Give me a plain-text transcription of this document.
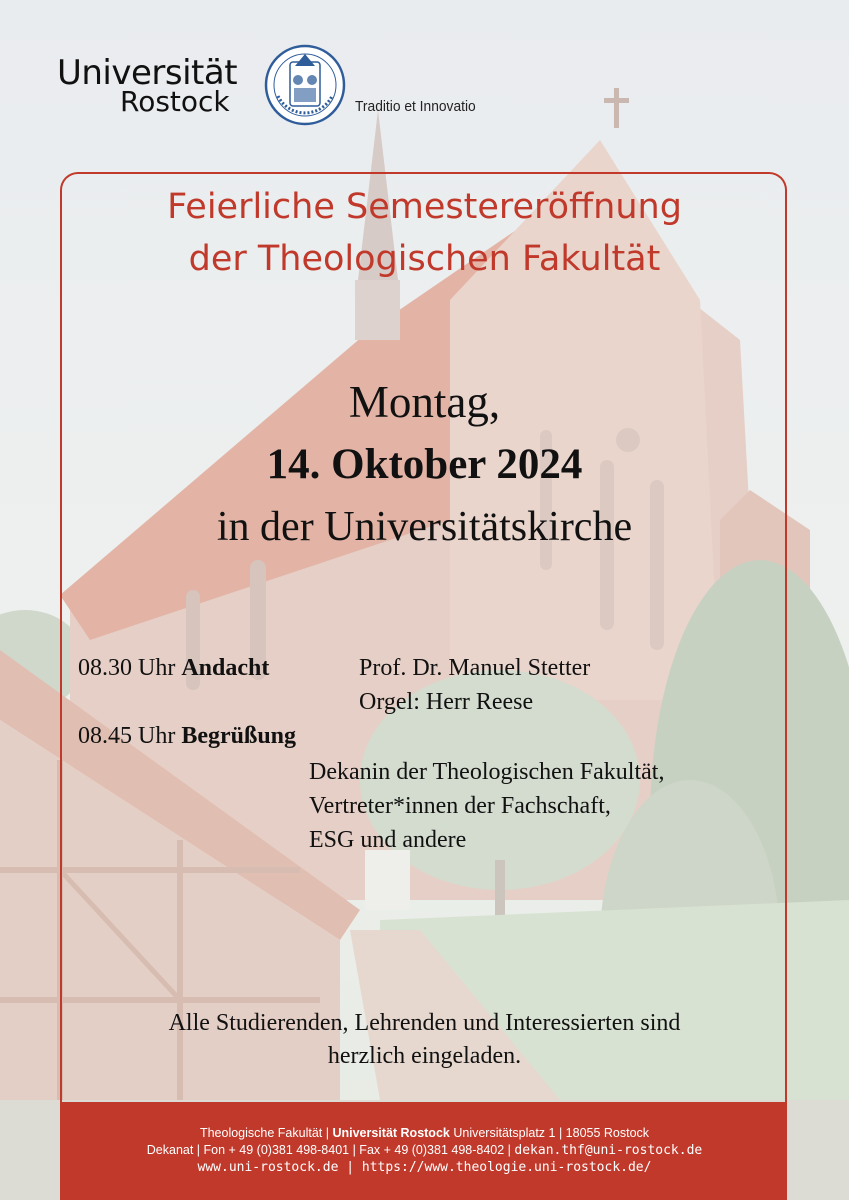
Universität
Rostock	Traditio et Innovatio
Feierliche Semestereröffnung
der Theologischen Fakultät
Montag,
14. Oktober 2024
in der Universitätskirche
08.30 Uhr Andacht	Prof. Dr. Manuel Stetter
Orgel: Herr Reese
08.45 Uhr Begrüßung
Dekanin der Theologischen Fakultät,
Vertreter*innen der Fachschaft,
ESG und andere
Alle Studierenden, Lehrenden und Interessierten sind
herzlich eingeladen.
Theologische Fakultät | Universität Rostock Universitätsplatz 1 | 18055 Rostock
Dekanat | Fon + 49 (0)381 498-8401 | Fax + 49 (0)381 498-8402 | dekan.thf@uni-rostock.de
www.uni-rostock.de | https://www.theologie.uni-rostock.de/
